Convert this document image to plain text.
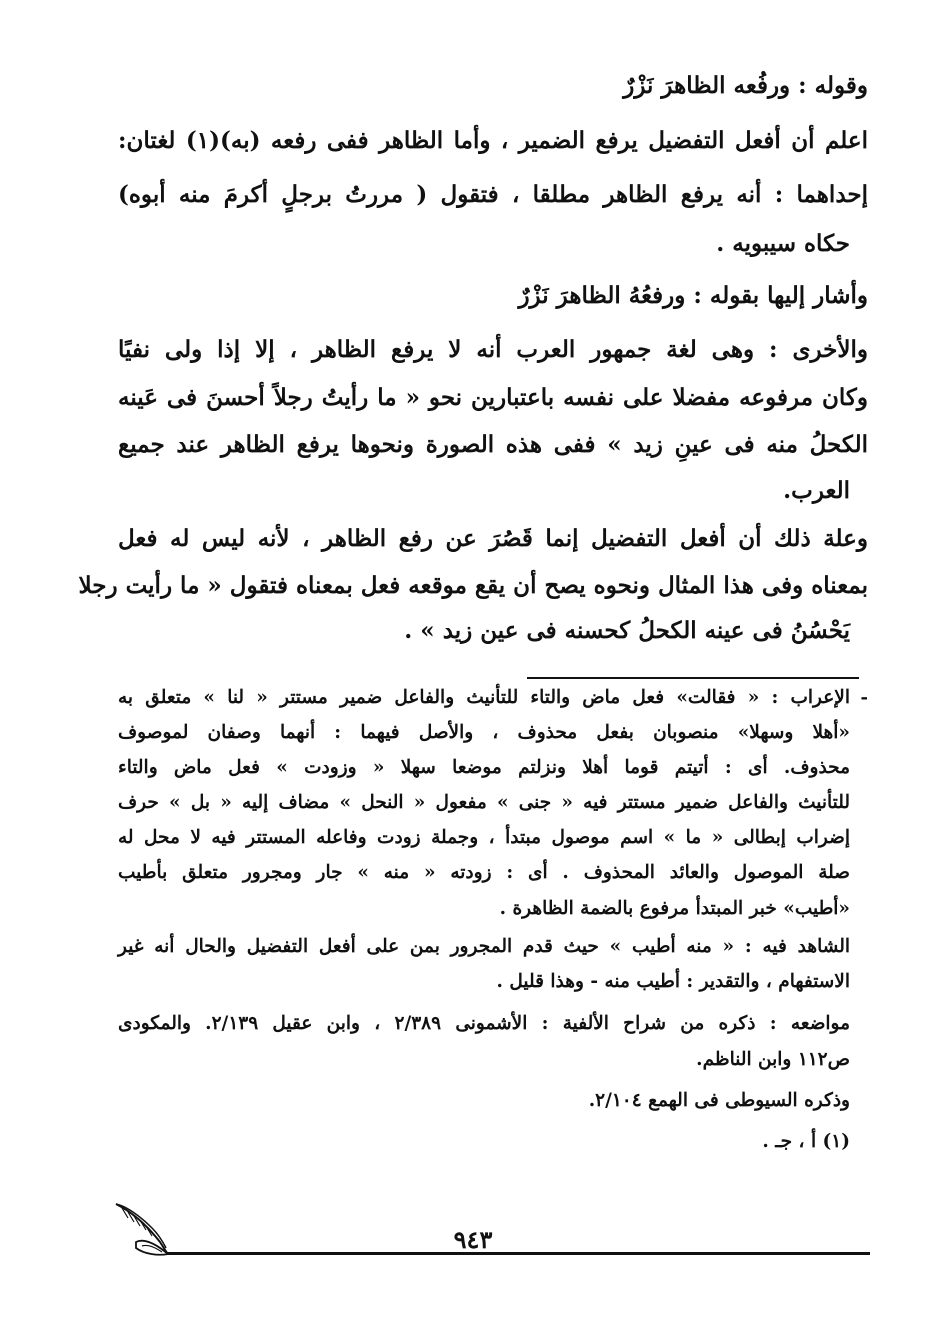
وقوله : ورفُعه الظاهرَ نَزْرٌ
اعلم أن أفعل التفضيل يرفع الضمير ، وأما الظاهر ففى رفعه (به)(١) لغتان:
إحداهما : أنه يرفع الظاهر مطلقا ، فتقول ( مررتُ برجلٍ أكرمَ منه أبوه)
حكاه سيبويه .
وأشار إليها بقوله : ورفعُهُ الظاهرَ نَزْرٌ
والأخرى : وهى لغة جمهور العرب أنه لا يرفع الظاهر ، إلا إذا ولى نفيًا
وكان مرفوعه مفضلا على نفسه باعتبارين نحو « ما رأيتُ رجلاً أحسنَ فى عَينه
الكحلُ منه فى عينِ زيد » ففى هذه الصورة ونحوها يرفع الظاهر عند جميع
العرب.
وعلة ذلك أن أفعل التفضيل إنما قَصُرَ عن رفع الظاهر ، لأنه ليس له فعل
بمعناه وفى هذا المثال ونحوه يصح أن يقع موقعه فعل بمعناه فتقول « ما رأيت رجلا
يَحْسُنُ فى عينه الكحلُ كحسنه فى عين زيد » .
-
الإعراب : « فقالت» فعل ماض والتاء للتأنيث والفاعل ضمير مستتر « لنا » متعلق به
«أهلا وسهلا» منصوبان بفعل محذوف ، والأصل فيهما : أنهما وصفان لموصوف
محذوف. أى : أتيتم قوما أهلا ونزلتم موضعا سهلا « وزودت » فعل ماض والتاء
للتأنيث والفاعل ضمير مستتر فيه « جنى » مفعول « النحل » مضاف إليه « بل » حرف
إضراب إبطالى « ما » اسم موصول مبتدأ ، وجملة زودت وفاعله المستتر فيه لا محل له
صلة الموصول والعائد المحذوف . أى : زودته « منه » جار ومجرور متعلق بأطيب
«أطيب» خبر المبتدأ مرفوع بالضمة الظاهرة .
الشاهد فيه : « منه أطيب » حيث قدم المجرور بمن على أفعل التفضيل والحال أنه غير
الاستفهام ، والتقدير : أطيب منه - وهذا قليل .
مواضعه : ذكره من شراح الألفية : الأشمونى ٢/٣٨٩ ، وابن عقيل ٢/١٣٩. والمكودى
ص١١٢ وابن الناظم.
وذكره السيوطى فى الهمع ٢/١٠٤.
(١) أ ، جـ .
٩٤٣
